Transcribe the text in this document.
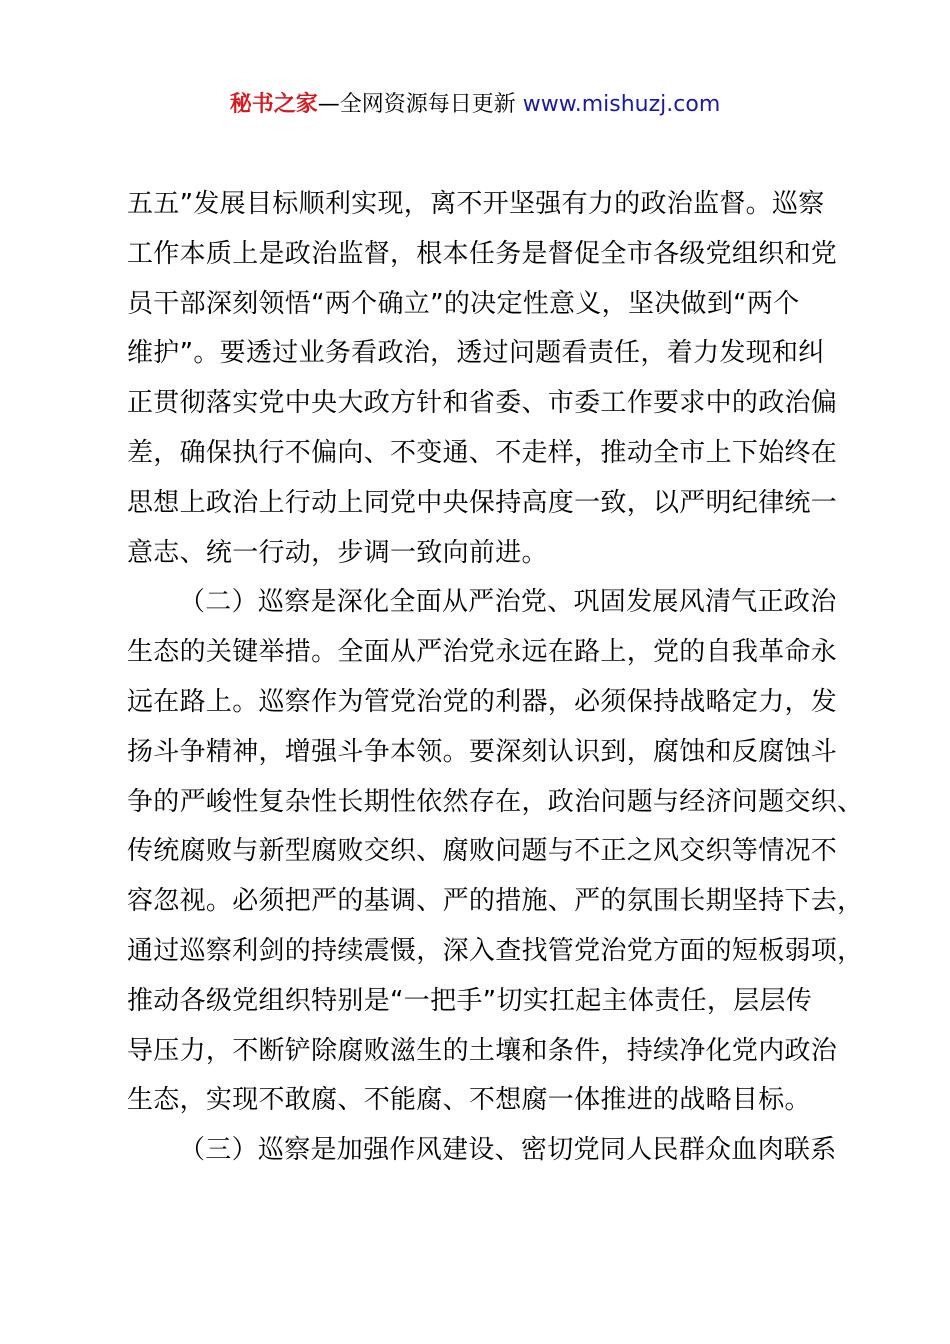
秘书之家—全网资源每日更新 www.mishuzj.com
五五”发展目标顺利实现，离不开坚强有力的政治监督。巡察
工作本质上是政治监督，根本任务是督促全市各级党组织和党
员干部深刻领悟“两个确立”的决定性意义，坚决做到“两个
维护”。要透过业务看政治，透过问题看责任，着力发现和纠
正贯彻落实党中央大政方针和省委、市委工作要求中的政治偏
差，确保执行不偏向、不变通、不走样，推动全市上下始终在
思想上政治上行动上同党中央保持高度一致，以严明纪律统一
意志、统一行动，步调一致向前进。
（二）巡察是深化全面从严治党、巩固发展风清气正政治
生态的关键举措。全面从严治党永远在路上，党的自我革命永
远在路上。巡察作为管党治党的利器，必须保持战略定力，发
扬斗争精神，增强斗争本领。要深刻认识到，腐蚀和反腐蚀斗
争的严峻性复杂性长期性依然存在，政治问题与经济问题交织、
传统腐败与新型腐败交织、腐败问题与不正之风交织等情况不
容忽视。必须把严的基调、严的措施、严的氛围长期坚持下去，
通过巡察利剑的持续震慑，深入查找管党治党方面的短板弱项，
推动各级党组织特别是“一把手”切实扛起主体责任，层层传
导压力，不断铲除腐败滋生的土壤和条件，持续净化党内政治
生态，实现不敢腐、不能腐、不想腐一体推进的战略目标。
（三）巡察是加强作风建设、密切党同人民群众血肉联系
